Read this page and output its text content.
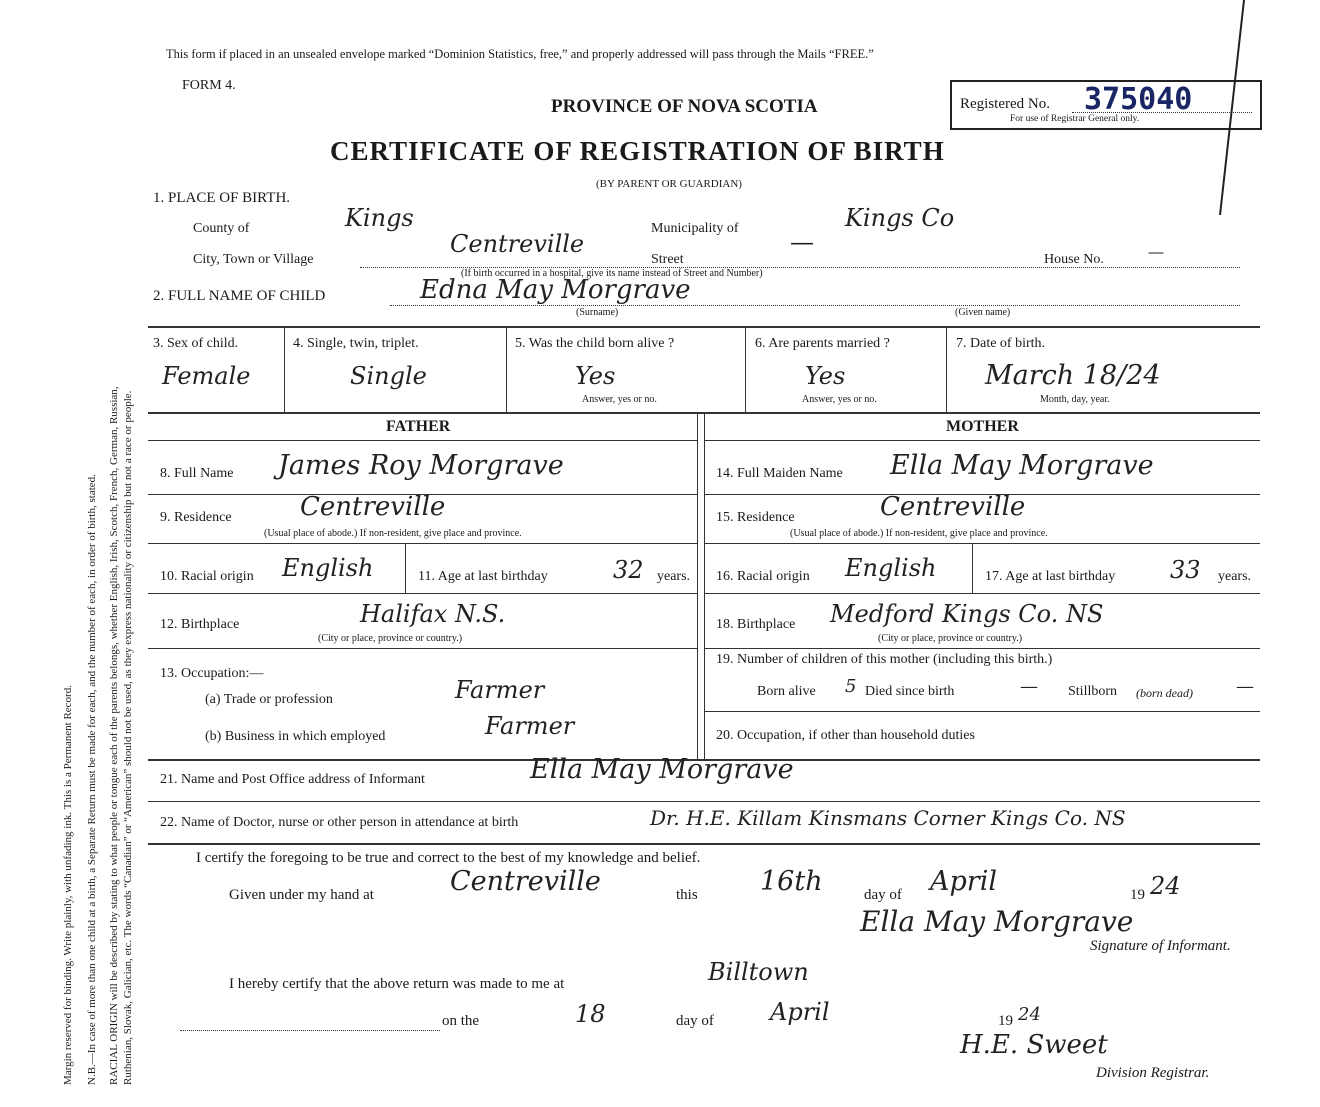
Margin reserved for binding. Write plainly, with unfading ink. This is a Permanent Record. N.B.—In case of more than one child at a birth, a Separate Return must be made for each, and the number of each, in order of birth, stated. RACIAL ORIGIN will be described by stating to what people or tongue each of the parents belongs, whether English, Irish, Scotch, French, German, Russian, Ruthenian, Slovak, Galician, etc. The words “Canadian” or “American” should not be used, as they express nationality or citizenship but not a race or people.
This form if placed in an unsealed envelope marked “Dominion Statistics, free,” and properly addressed will pass through the Mails “FREE.”
FORM 4.
PROVINCE OF NOVA SCOTIA
CERTIFICATE OF REGISTRATION OF BIRTH
(BY PARENT OR GUARDIAN)
Registered No. 375040
For use of Registrar General only.
1. PLACE OF BIRTH.
County of	Kings	Municipality of	Kings Co
City, Town or Village
Centreville
Street
—
House No.	—
(If birth occurred in a hospital, give its name instead of Street and Number)
2. FULL NAME OF CHILD	Edna May Morgrave
(Surname)	(Given name)
3. Sex of child.
Female
4. Single, twin, triplet.
Single
5. Was the child born alive ?
Yes
Answer, yes or no.
6. Are parents married ?
Yes
Answer, yes or no.
7. Date of birth.
March 18/24
Month, day, year.
FATHER	MOTHER
8. Full Name James Roy Morgrave
9. Residence	Centreville
(Usual place of abode.) If non-resident, give place and province.
10. Racial origin English	11. Age at last birthday	32 years.
12. Birthplace	Halifax N.S.
(City or place, province or country.)
13. Occupation:—
(a) Trade or profession	Farmer
(b) Business in which employed	Farmer
14. Full Maiden Name Ella May Morgrave
15. Residence	Centreville
(Usual place of abode.) If non-resident, give place and province.
16. Racial origin English	17. Age at last birthday 33 years.
18. Birthplace Medford Kings Co. NS
(City or place, province or country.)
19. Number of children of this mother (including this birth.)
Born alive 5 Died since birth	— Stillborn (born dead) —
20. Occupation, if other than household duties
21. Name and Post Office address of Informant	Ella May Morgrave
22. Name of Doctor, nurse or other person in attendance at birth	Dr. H.E. Killam Kinsmans Corner Kings Co. NS
I certify the foregoing to be true and correct to the best of my knowledge and belief.
Given under my hand at	Centreville	this 16th	day of April	19 24
Ella May Morgrave
Signature of Informant.
I hereby certify that the above return was made to me at	Billtown
on the	18	day of April	19 24
H.E. Sweet
Division Registrar.
